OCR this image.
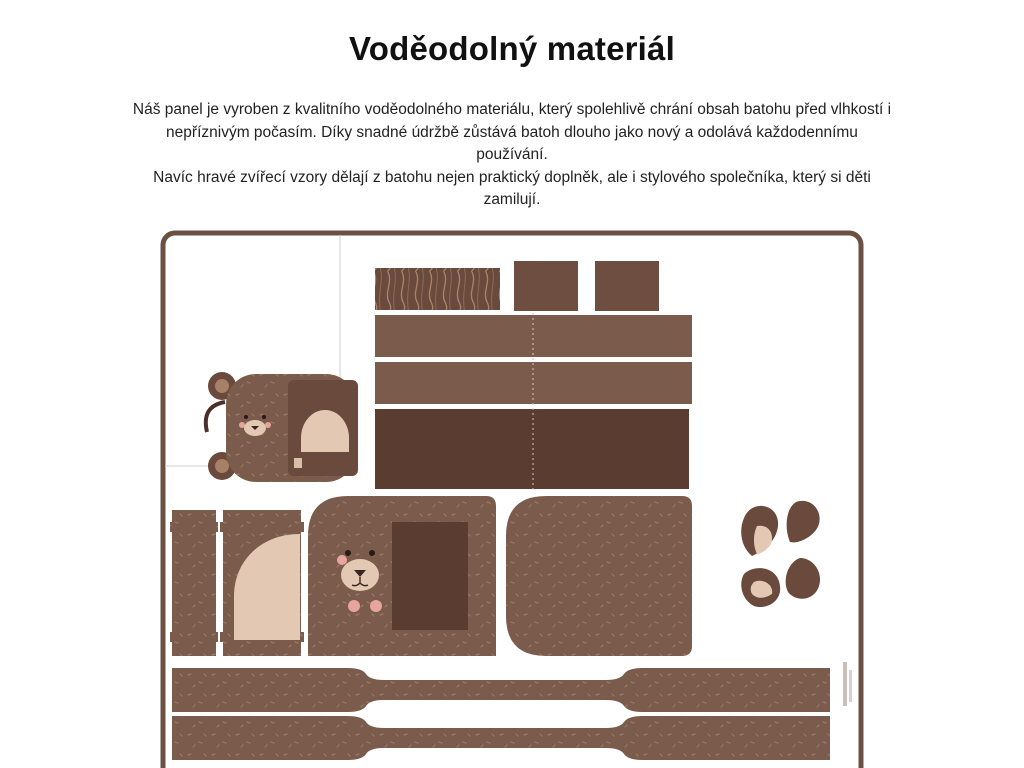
Voděodolný materiál

Náš panel je vyroben z kvalitního voděodolného materiálu, který spolehlivě chrání obsah batohu před vlhkostí i nepříznivým počasím. Díky snadné údržbě zůstává batoh dlouho jako nový a odolává každodennímu používání.

Navíc hravé zvířecí vzory dělají z batohu nejen praktický doplněk, ale i stylového společníka, který si děti zamilují.
